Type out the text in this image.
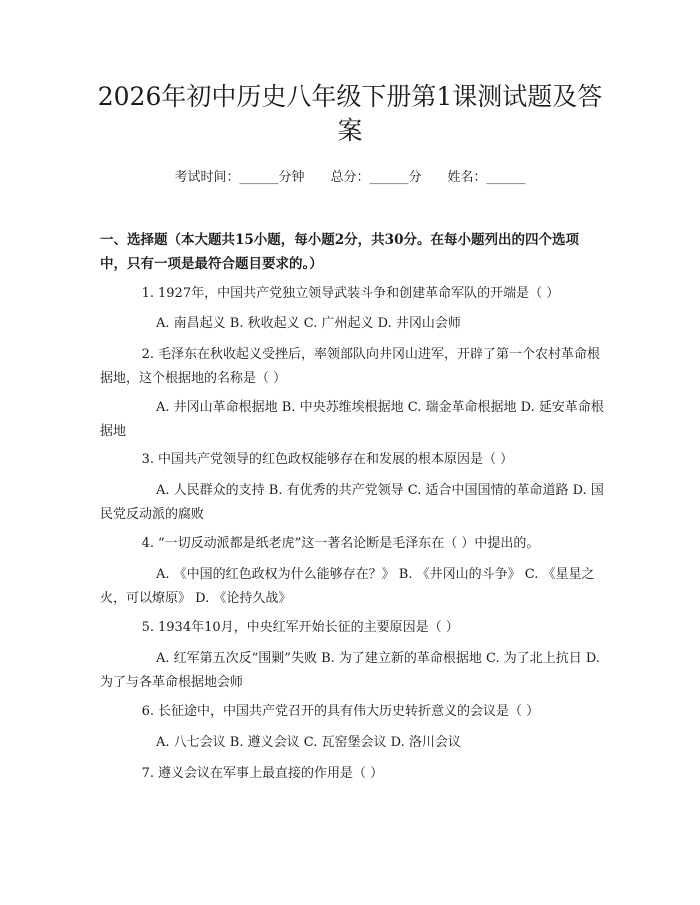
2026年初中历史八年级下册第1课测试题及答案
考试时间：______分钟　　总分：______分　　姓名：______

一、选择题（本大题共15小题，每小题2分，共30分。在每小题列出的四个选项中，只有一项是最符合题目要求的。）

1. 1927年，中国共产党独立领导武装斗争和创建革命军队的开端是（ ）

A. 南昌起义 B. 秋收起义 C. 广州起义 D. 井冈山会师

2. 毛泽东在秋收起义受挫后，率领部队向井冈山进军，开辟了第一个农村革命根据地，这个根据地的名称是（ ）

A. 井冈山革命根据地 B. 中央苏维埃根据地 C. 瑞金革命根据地 D. 延安革命根据地

3. 中国共产党领导的红色政权能够存在和发展的根本原因是（ ）

A. 人民群众的支持 B. 有优秀的共产党领导 C. 适合中国国情的革命道路 D. 国民党反动派的腐败

4. “一切反动派都是纸老虎”这一著名论断是毛泽东在（ ）中提出的。

A. 《中国的红色政权为什么能够存在？》 B. 《井冈山的斗争》 C. 《星星之火，可以燎原》 D. 《论持久战》

5. 1934年10月，中央红军开始长征的主要原因是（ ）

A. 红军第五次反“围剿”失败 B. 为了建立新的革命根据地 C. 为了北上抗日 D. 为了与各革命根据地会师

6. 长征途中，中国共产党召开的具有伟大历史转折意义的会议是（ ）

A. 八七会议 B. 遵义会议 C. 瓦窑堡会议 D. 洛川会议

7. 遵义会议在军事上最直接的作用是（ ）
